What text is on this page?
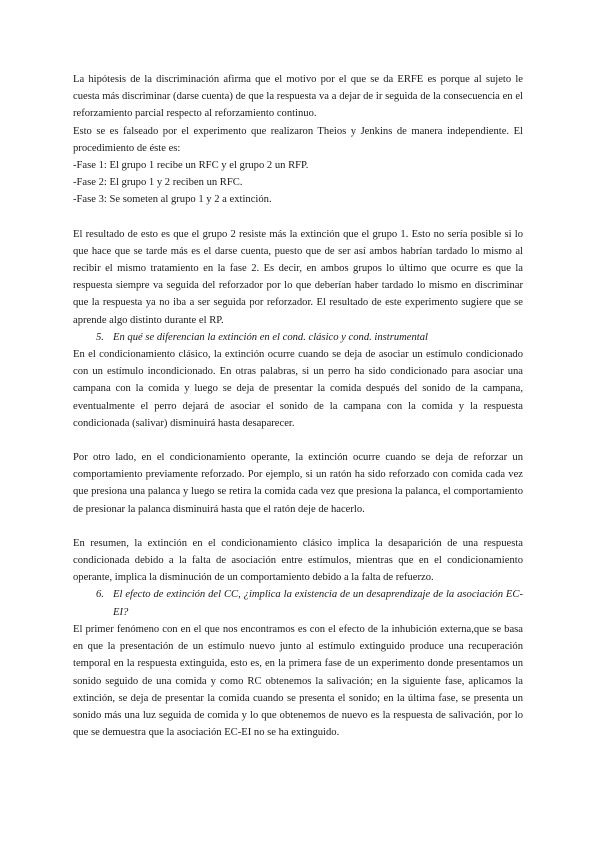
La hipótesis de la discriminación afirma que el motivo por el que se da ERFE es porque al sujeto le cuesta más discriminar (darse cuenta) de que la respuesta va a dejar de ir seguida de la consecuencia en el reforzamiento parcial respecto al reforzamiento continuo.

Esto se es falseado por el experimento que realizaron Theios y Jenkins de manera independiente. El procedimiento de éste es:

-Fase 1: El grupo 1 recibe un RFC y el grupo 2 un RFP.

-Fase 2: El grupo 1 y 2 reciben un RFC.

-Fase 3: Se someten al grupo 1 y 2 a extinción.

El resultado de esto es que el grupo 2 resiste más la extinción que el grupo 1. Esto no sería posible si lo que hace que se tarde más es el darse cuenta, puesto que de ser así ambos habrían tardado lo mismo al recibir el mismo tratamiento en la fase 2. Es decir, en ambos grupos lo último que ocurre es que la respuesta siempre va seguida del reforzador por lo que deberían haber tardado lo mismo en discriminar que la respuesta ya no iba a ser seguida por reforzador. El resultado de este experimento sugiere que se aprende algo distinto durante el RP.

5. En qué se diferencian la extinción en el cond. clásico y cond. instrumental

En el condicionamiento clásico, la extinción ocurre cuando se deja de asociar un estímulo condicionado con un estímulo incondicionado. En otras palabras, si un perro ha sido condicionado para asociar una campana con la comida y luego se deja de presentar la comida después del sonido de la campana, eventualmente el perro dejará de asociar el sonido de la campana con la comida y la respuesta condicionada (salivar) disminuirá hasta desaparecer.

Por otro lado, en el condicionamiento operante, la extinción ocurre cuando se deja de reforzar un comportamiento previamente reforzado. Por ejemplo, si un ratón ha sido reforzado con comida cada vez que presiona una palanca y luego se retira la comida cada vez que presiona la palanca, el comportamiento de presionar la palanca disminuirá hasta que el ratón deje de hacerlo.

En resumen, la extinción en el condicionamiento clásico implica la desaparición de una respuesta condicionada debido a la falta de asociación entre estímulos, mientras que en el condicionamiento operante, implica la disminución de un comportamiento debido a la falta de refuerzo.

6. El efecto de extinción del CC, ¿implica la existencia de un desaprendizaje de la asociación EC-EI?

El primer fenómeno con en el que nos encontramos es con el efecto de la inhubición externa,que se basa en que la presentación de un estímulo nuevo junto al estímulo extinguido produce una recuperación temporal en la respuesta extinguida, esto es, en la primera fase de un experimento donde presentamos un sonido seguido de una comida y como RC obtenemos la salivación; en la siguiente fase, aplicamos la extinción, se deja de presentar la comida cuando se presenta el sonido; en la última fase, se presenta un sonido más una luz seguida de comida y lo que obtenemos de nuevo es la respuesta de salivación, por lo que se demuestra que la asociación EC-EI no se ha extinguido.
